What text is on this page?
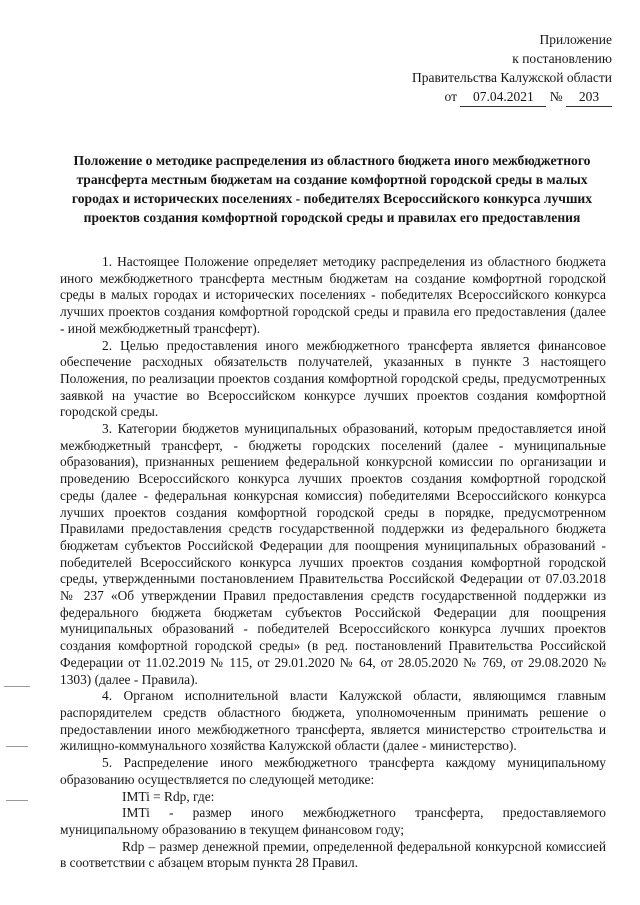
Приложение
к постановлению
Правительства Калужской области
от 07.04.2021 № 203
Положение о методике распределения из областного бюджета иного межбюджетного трансферта местным бюджетам на создание комфортной городской среды в малых городах и исторических поселениях - победителях Всероссийского конкурса лучших проектов создания комфортной городской среды и правилах его предоставления

1. Настоящее Положение определяет методику распределения из областного бюджета иного межбюджетного трансферта местным бюджетам на создание комфортной городской среды в малых городах и исторических поселениях - победителях Всероссийского конкурса лучших проектов создания комфортной городской среды и правила его предоставления (далее - иной межбюджетный трансферт).

2. Целью предоставления иного межбюджетного трансферта является финансовое обеспечение расходных обязательств получателей, указанных в пункте 3 настоящего Положения, по реализации проектов создания комфортной городской среды, предусмотренных заявкой на участие во Всероссийском конкурсе лучших проектов создания комфортной городской среды.

3. Категории бюджетов муниципальных образований, которым предоставляется иной межбюджетный трансферт, - бюджеты городских поселений (далее - муниципальные образования), признанных решением федеральной конкурсной комиссии по организации и проведению Всероссийского конкурса лучших проектов создания комфортной городской среды (далее - федеральная конкурсная комиссия) победителями Всероссийского конкурса лучших проектов создания комфортной городской среды в порядке, предусмотренном Правилами предоставления средств государственной поддержки из федерального бюджета бюджетам субъектов Российской Федерации для поощрения муниципальных образований - победителей Всероссийского конкурса лучших проектов создания комфортной городской среды, утвержденными постановлением Правительства Российской Федерации от 07.03.2018 № 237 «Об утверждении Правил предоставления средств государственной поддержки из федерального бюджета бюджетам субъектов Российской Федерации для поощрения муниципальных образований - победителей Всероссийского конкурса лучших проектов создания комфортной городской среды» (в ред. постановлений Правительства Российской Федерации от 11.02.2019 № 115, от 29.01.2020 № 64, от 28.05.2020 № 769, от 29.08.2020 № 1303) (далее - Правила).

4. Органом исполнительной власти Калужской области, являющимся главным распорядителем средств областного бюджета, уполномоченным принимать решение о предоставлении иного межбюджетного трансферта, является министерство строительства и жилищно-коммунального хозяйства Калужской области (далее - министерство).

5. Распределение иного межбюджетного трансферта каждому муниципальному образованию осуществляется по следующей методике:

IMTi = Rdp, где:

IMTi - размер иного межбюджетного трансферта, предоставляемого муниципальному образованию в текущем финансовом году;

Rdp – размер денежной премии, определенной федеральной конкурсной комиссией в соответствии с абзацем вторым пункта 28 Правил.
